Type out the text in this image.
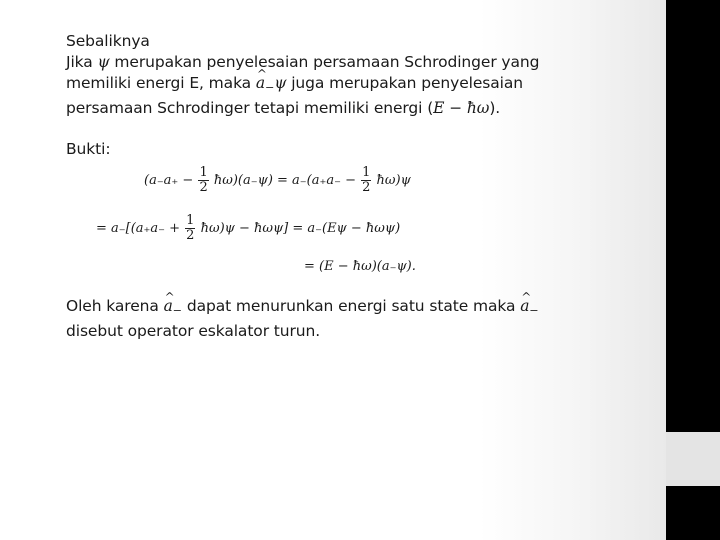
Sebaliknya
Jika ψ merupakan penyelesaian persamaan Schrodinger yang
memiliki energi E, maka ^ $a_-\psi$ juga merupakan penyelesaian
persamaan Schrodinger tetapi memiliki energi (E − ħω).

Bukti:

($a_-a_+ - \frac{1}{2}$ ħω)(a₋ψ) = $a_-(a_+a_- - \frac{1}{2}$ ħω)ψ
= $a_-[(a_+a_- + \frac{1}{2}$ ħω)ψ − ħωψ] = a₋(Eψ − ħωψ)
= (E − ħω)(a₋ψ).

Oleh karena ^ $a_-$ dapat menurunkan energi satu state maka ^ $a_-$
disebut operator eskalator turun.
